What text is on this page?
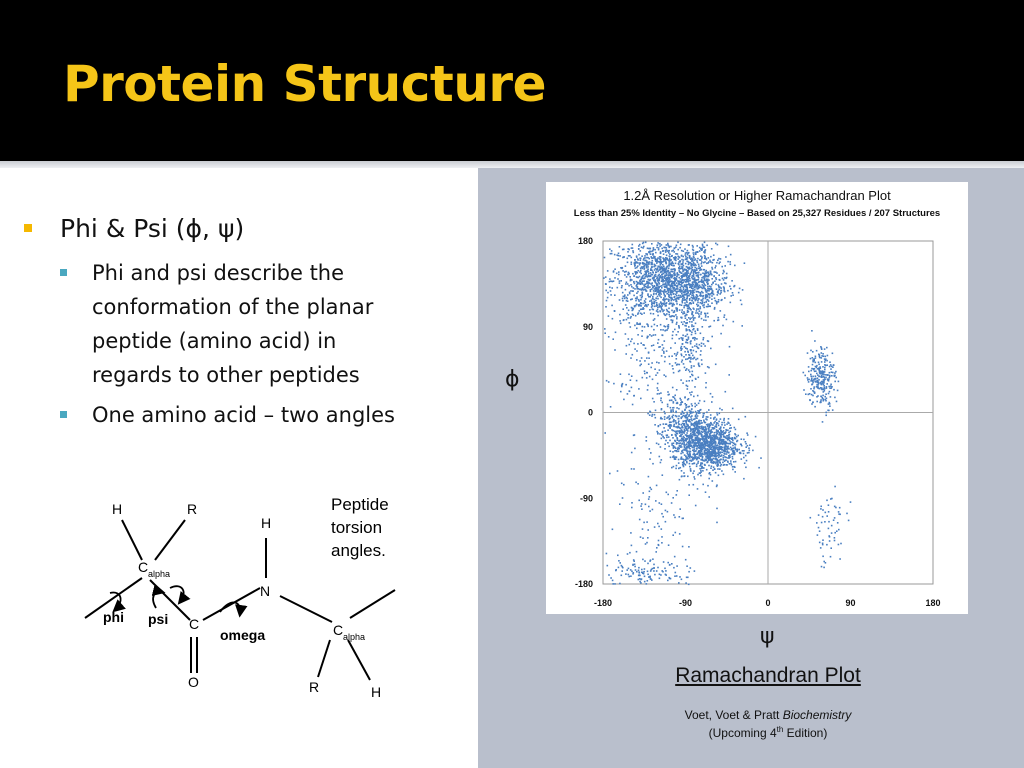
Protein Structure
Phi & Psi (ϕ, ψ)
Phi and psi describe the
conformation of the planar
peptide (amino acid) in
regards to other peptides
One amino acid – two angles
H	R
C alpha
phi psi C
O
N
H
omega	C alpha
R	H
Peptide
torsion
angles.
1.2Å Resolution or Higher Ramachandran Plot
Less than 25% Identity – No Glycine – Based on 25,327 Residues / 207 Structures
-180	-90	0	90	180
180
90
0
-90
-180
ϕ
ψ
Ramachandran Plot
Voet, Voet & Pratt Biochemistry
(Upcoming 4th Edition)
